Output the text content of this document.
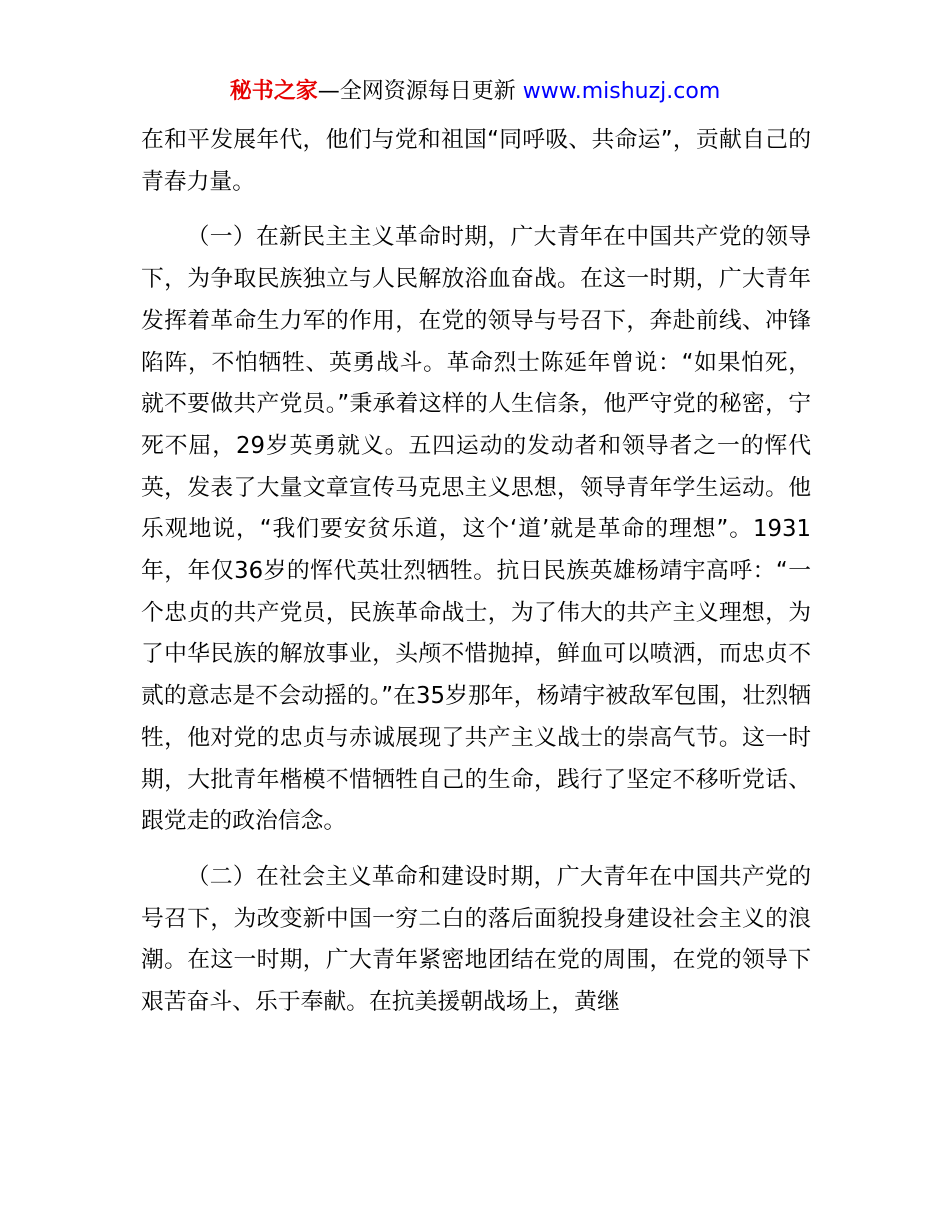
秘书之家—全网资源每日更新 www.mishuzj.com

在和平发展年代，他们与党和祖国“同呼吸、共命运”，贡献自己的青春力量。

（一）在新民主主义革命时期，广大青年在中国共产党的领导下，为争取民族独立与人民解放浴血奋战。在这一时期，广大青年发挥着革命生力军的作用，在党的领导与号召下，奔赴前线、冲锋陷阵，不怕牺牲、英勇战斗。革命烈士陈延年曾说：“如果怕死，就不要做共产党员。”秉承着这样的人生信条，他严守党的秘密，宁死不屈，29岁英勇就义。五四运动的发动者和领导者之一的恽代英，发表了大量文章宣传马克思主义思想，领导青年学生运动。他乐观地说，“我们要安贫乐道，这个‘道’就是革命的理想”。1931年，年仅36岁的恽代英壮烈牺牲。抗日民族英雄杨靖宇高呼：“一个忠贞的共产党员，民族革命战士，为了伟大的共产主义理想，为了中华民族的解放事业，头颅不惜抛掉，鲜血可以喷洒，而忠贞不贰的意志是不会动摇的。”在35岁那年，杨靖宇被敌军包围，壮烈牺牲，他对党的忠贞与赤诚展现了共产主义战士的崇高气节。这一时期，大批青年楷模不惜牺牲自己的生命，践行了坚定不移听党话、跟党走的政治信念。

（二）在社会主义革命和建设时期，广大青年在中国共产党的号召下，为改变新中国一穷二白的落后面貌投身建设社会主义的浪潮。在这一时期，广大青年紧密地团结在党的周围，在党的领导下艰苦奋斗、乐于奉献。在抗美援朝战场上，黄继
